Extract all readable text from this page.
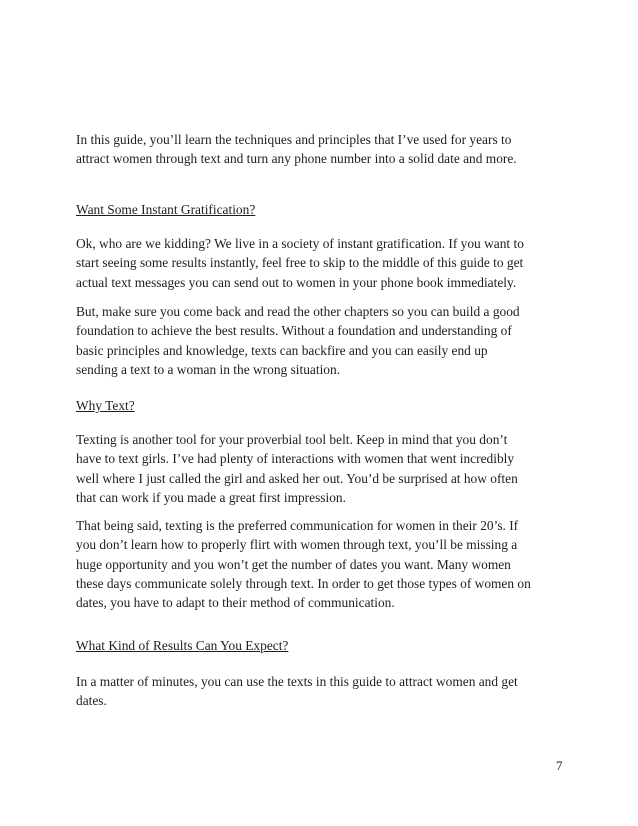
In this guide, you’ll learn the techniques and principles that I’ve used for years to
attract women through text and turn any phone number into a solid date and more.
Want Some Instant Gratification?
Ok, who are we kidding? We live in a society of instant gratification. If you want to
start seeing some results instantly, feel free to skip to the middle of this guide to get
actual text messages you can send out to women in your phone book immediately.
But, make sure you come back and read the other chapters so you can build a good
foundation to achieve the best results. Without a foundation and understanding of
basic principles and knowledge, texts can backfire and you can easily end up
sending a text to a woman in the wrong situation.
Why Text?
Texting is another tool for your proverbial tool belt. Keep in mind that you don’t
have to text girls. I’ve had plenty of interactions with women that went incredibly
well where I just called the girl and asked her out. You’d be surprised at how often
that can work if you made a great first impression.
That being said, texting is the preferred communication for women in their 20’s. If
you don’t learn how to properly flirt with women through text, you’ll be missing a
huge opportunity and you won’t get the number of dates you want. Many women
these days communicate solely through text. In order to get those types of women on
dates, you have to adapt to their method of communication.
What Kind of Results Can You Expect?
In a matter of minutes, you can use the texts in this guide to attract women and get
dates.
7
